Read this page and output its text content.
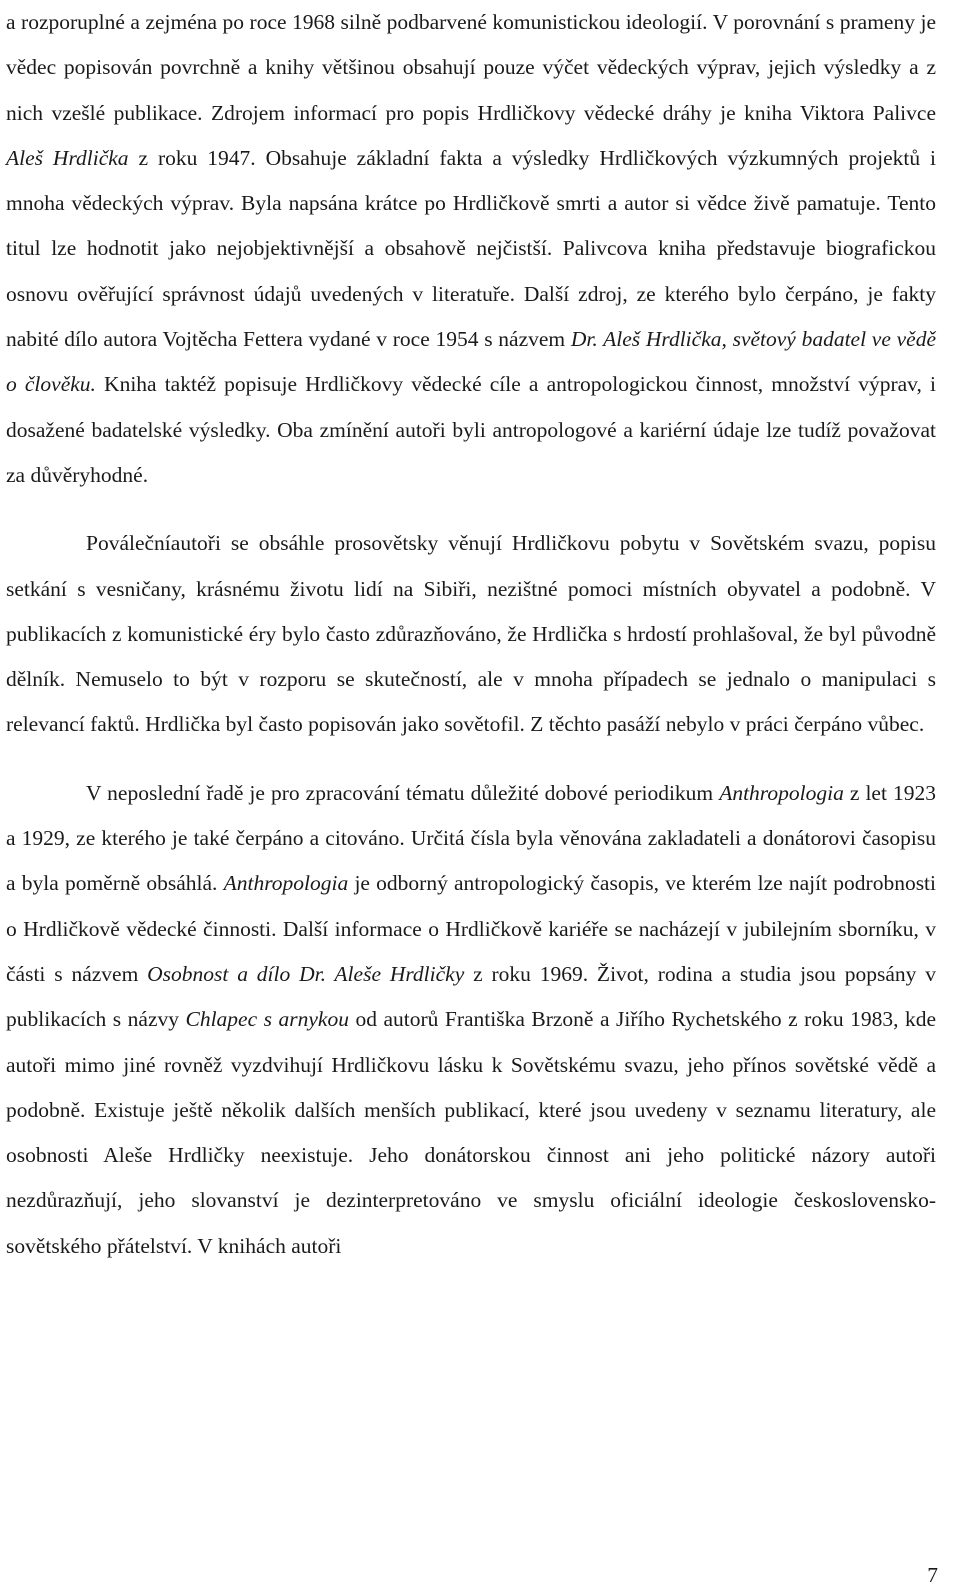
a rozporuplné a zejména po roce 1968 silně podbarvené komunistickou ideologií. V porovnání s prameny je vědec popisován povrchně a knihy většinou obsahují pouze výčet vědeckých výprav, jejich výsledky a z nich vzešlé publikace. Zdrojem informací pro popis Hrdličkovy vědecké dráhy je kniha Viktora Palivce Aleš Hrdlička z roku 1947. Obsahuje základní fakta a výsledky Hrdličkových výzkumných projektů i mnoha vědeckých výprav. Byla napsána krátce po Hrdličkově smrti a autor si vědce živě pamatuje. Tento titul lze hodnotit jako nejobjektivnější a obsahově nejčistší. Palivcova kniha představuje biografickou osnovu ověřující správnost údajů uvedených v literatuře. Další zdroj, ze kterého bylo čerpáno, je fakty nabité dílo autora Vojtěcha Fettera vydané v roce 1954 s názvem Dr. Aleš Hrdlička, světový badatel ve vědě o člověku. Kniha taktéž popisuje Hrdličkovy vědecké cíle a antropologickou činnost, množství výprav, i dosažené badatelské výsledky. Oba zmínění autoři byli antropologové a kariérní údaje lze tudíž považovat za důvěryhodné.

Poválečníautoři se obsáhle prosovětsky věnují Hrdličkovu pobytu v Sovětském svazu, popisu setkání s vesničany, krásnému životu lidí na Sibiři, nezištné pomoci místních obyvatel a podobně. V publikacích z komunistické éry bylo často zdůrazňováno, že Hrdlička s hrdostí prohlašoval, že byl původně dělník. Nemuselo to být v rozporu se skutečností, ale v mnoha případech se jednalo o manipulaci s relevancí faktů. Hrdlička byl často popisován jako sovětofil. Z těchto pasáží nebylo v práci čerpáno vůbec.

V neposlední řadě je pro zpracování tématu důležité dobové periodikum Anthropologia z let 1923 a 1929, ze kterého je také čerpáno a citováno. Určitá čísla byla věnována zakladateli a donátorovi časopisu a byla poměrně obsáhlá. Anthropologia je odborný antropologický časopis, ve kterém lze najít podrobnosti o Hrdličkově vědecké činnosti. Další informace o Hrdličkově kariéře se nacházejí v jubilejním sborníku, v části s názvem Osobnost a dílo Dr. Aleše Hrdličky z roku 1969. Život, rodina a studia jsou popsány v publikacích s názvy Chlapec s arnykou od autorů Františka Brzoně a Jiřího Rychetského z roku 1983, kde autoři mimo jiné rovněž vyzdvihují Hrdličkovu lásku k Sovětskému svazu, jeho přínos sovětské vědě a podobně. Existuje ještě několik dalších menších publikací, které jsou uvedeny v seznamu literatury, ale osobnosti Aleše Hrdličky neexistuje. Jeho donátorskou činnost ani jeho politické názory autoři nezdůrazňují, jeho slovanství je dezinterpretováno ve smyslu oficiální ideologie československo-sovětského přátelství. V knihách autoři

7
